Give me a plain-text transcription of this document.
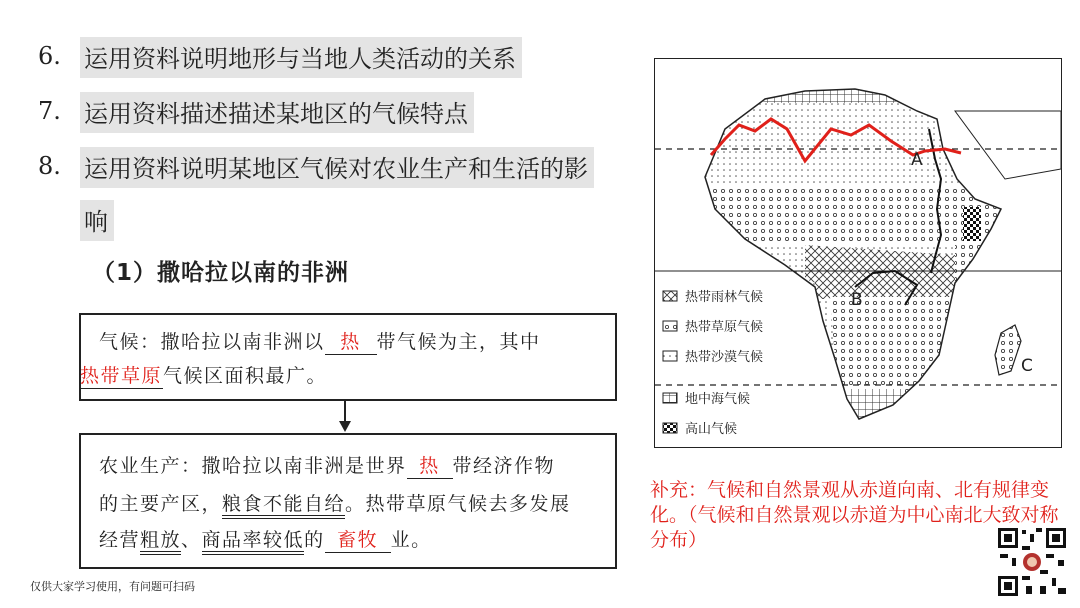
6. 运用资料说明地形与当地人类活动的关系
7. 运用资料描述描述某地区的气候特点
8. 运用资料说明某地区气候对农业生产和生活的影
响
（1）撒哈拉以南的非洲
气候：撒哈拉以南非洲以 热 带气候为主，其中
热带草原气候区面积最广。
农业生产：撒哈拉以南非洲是世界 热 带经济作物
的主要产区，粮食不能自给。热带草原气候去多发展
经营粗放、商品率较低的 畜牧 业。
A
B
C
热带雨林气候
热带草原气候
热带沙漠气候
地中海气候
高山气候
补充：气候和自然景观从赤道向南、北有规律变化。（气候和自然景观以赤道为中心南北大致对称分布）
仅供大家学习使用，有问题可扫码
